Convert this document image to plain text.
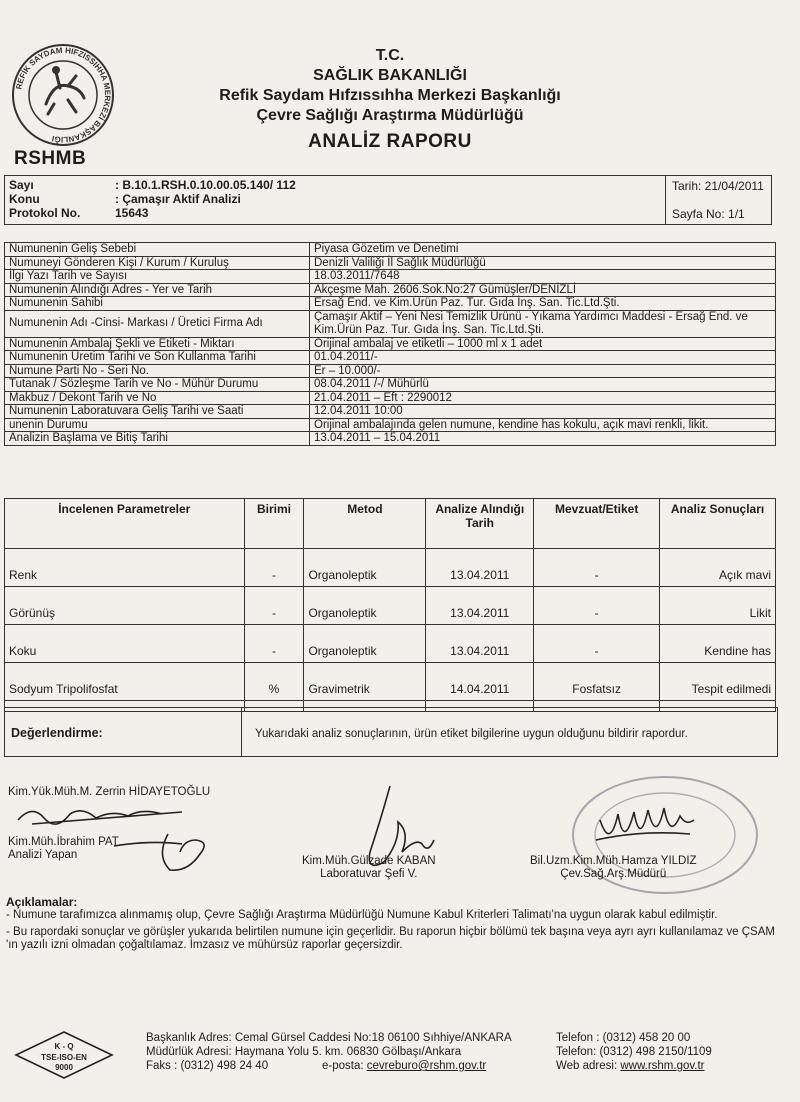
REFİK SAYDAM HIFZISSIHHA MERKEZİ BAŞKANLIĞI
RSHMB
T.C.
SAĞLIK BAKANLIĞI
Refik Saydam Hıfzıssıhha Merkezi Başkanlığı
Çevre Sağlığı Araştırma Müdürlüğü
ANALİZ RAPORU
Sayı	: B.10.1.RSH.0.10.00.05.140/ 112
Konu	: Çamaşır Aktif Analizi
Protokol No.	15643
Tarih: 21/04/2011
Sayfa No: 1/1
Numunenin Geliş Sebebi	Piyasa Gözetim ve Denetimi
Numuneyi Gönderen Kişi / Kurum / Kuruluş	Denizli Valiliği İl Sağlık Müdürlüğü
İlgi Yazı Tarih ve Sayısı	18.03.2011/7648
Numunenin Alındığı Adres - Yer ve Tarih	Akçeşme Mah. 2606.Sok.No:27 Gümüşler/DENİZLİ
Numunenin Sahibi	Ersağ End. ve Kim.Ürün Paz. Tur. Gıda İnş. San. Tic.Ltd.Şti.
Numunenin Adı -Cinsi- Markası / Üretici Firma Adı	Çamaşır Aktif – Yeni Nesi Temizlik Ürünü - Yıkama Yardımcı Maddesi - Ersağ End. ve Kim.Ürün Paz. Tur. Gıda İnş. San. Tic.Ltd.Şti.
Numunenin Ambalaj Şekli ve Etiketi - Miktarı	Orijinal ambalaj ve etiketli – 1000 ml x 1 adet
Numunenin Üretim Tarihi ve Son Kullanma Tarihi	01.04.2011/-
Numune Parti No - Seri No.	Er – 10.000/-
Tutanak / Sözleşme Tarih ve No - Mühür Durumu	08.04.2011 /-/ Mühürlü
Makbuz / Dekont Tarih ve No	21.04.2011 – Eft : 2290012
Numunenin Laboratuvara Geliş Tarihi ve Saati	12.04.2011 10:00
unenin Durumu	Orijinal ambalajında gelen numune, kendine has kokulu, açık mavi renkli, likit.
Analizin Başlama ve Bitiş Tarihi	13.04.2011 – 15.04.2011
İncelenen Parametreler	Birimi	Metod	Analize Alındığı Tarih	Mevzuat/Etiket	Analiz Sonuçları
Renk	-	Organoleptik	13.04.2011	-	Açık mavi
Görünüş	-	Organoleptik	13.04.2011	-	Likit
Koku	-	Organoleptik	13.04.2011	-	Kendine has
Sodyum Tripolifosfat	%	Gravimetrik	14.04.2011	Fosfatsız	Tespit edilmedi

Değerlendirme:	Yukarıdaki analiz sonuçlarının, ürün etiket bilgilerine uygun olduğunu bildirir rapordur.
Kim.Yük.Müh.M. Zerrin HİDAYETOĞLU
Kim.Müh.İbrahim PAT
Analizi Yapan	Kim.Müh.Gülzade KABAN
Laboratuvar Şefi V.
Bil.Uzm.Kim.Müh.Hamza YILDIZ
Çev.Sağ.Arş.Müdürü
Açıklamalar:

- Numune tarafımızca alınmamış olup, Çevre Sağlığı Araştırma Müdürlüğü Numune Kabul Kriterleri Talimatı'na uygun olarak kabul edilmiştir.

- Bu rapordaki sonuçlar ve görüşler yukarıda belirtilen numune için geçerlidir. Bu raporun hiçbir bölümü tek başına veya ayrı ayrı kullanılamaz ve ÇSAM 'ın yazılı izni olmadan çoğaltılamaz. İmzasız ve mühürsüz raporlar geçersizdir.

K - Q
TSE-ISO-EN
9000
Başkanlık Adres: Cemal Gürsel Caddesi No:18 06100 Sıhhiye/ANKARA	Telefon : (0312) 458 20 00
Müdürlük Adresi: Haymana Yolu 5. km. 06830 Gölbaşı/Ankara	Telefon: (0312) 498 2150/1109
Faks : (0312) 498 24 40	e-posta: cevreburo@rshm.gov.tr	Web adresi: www.rshm.gov.tr
